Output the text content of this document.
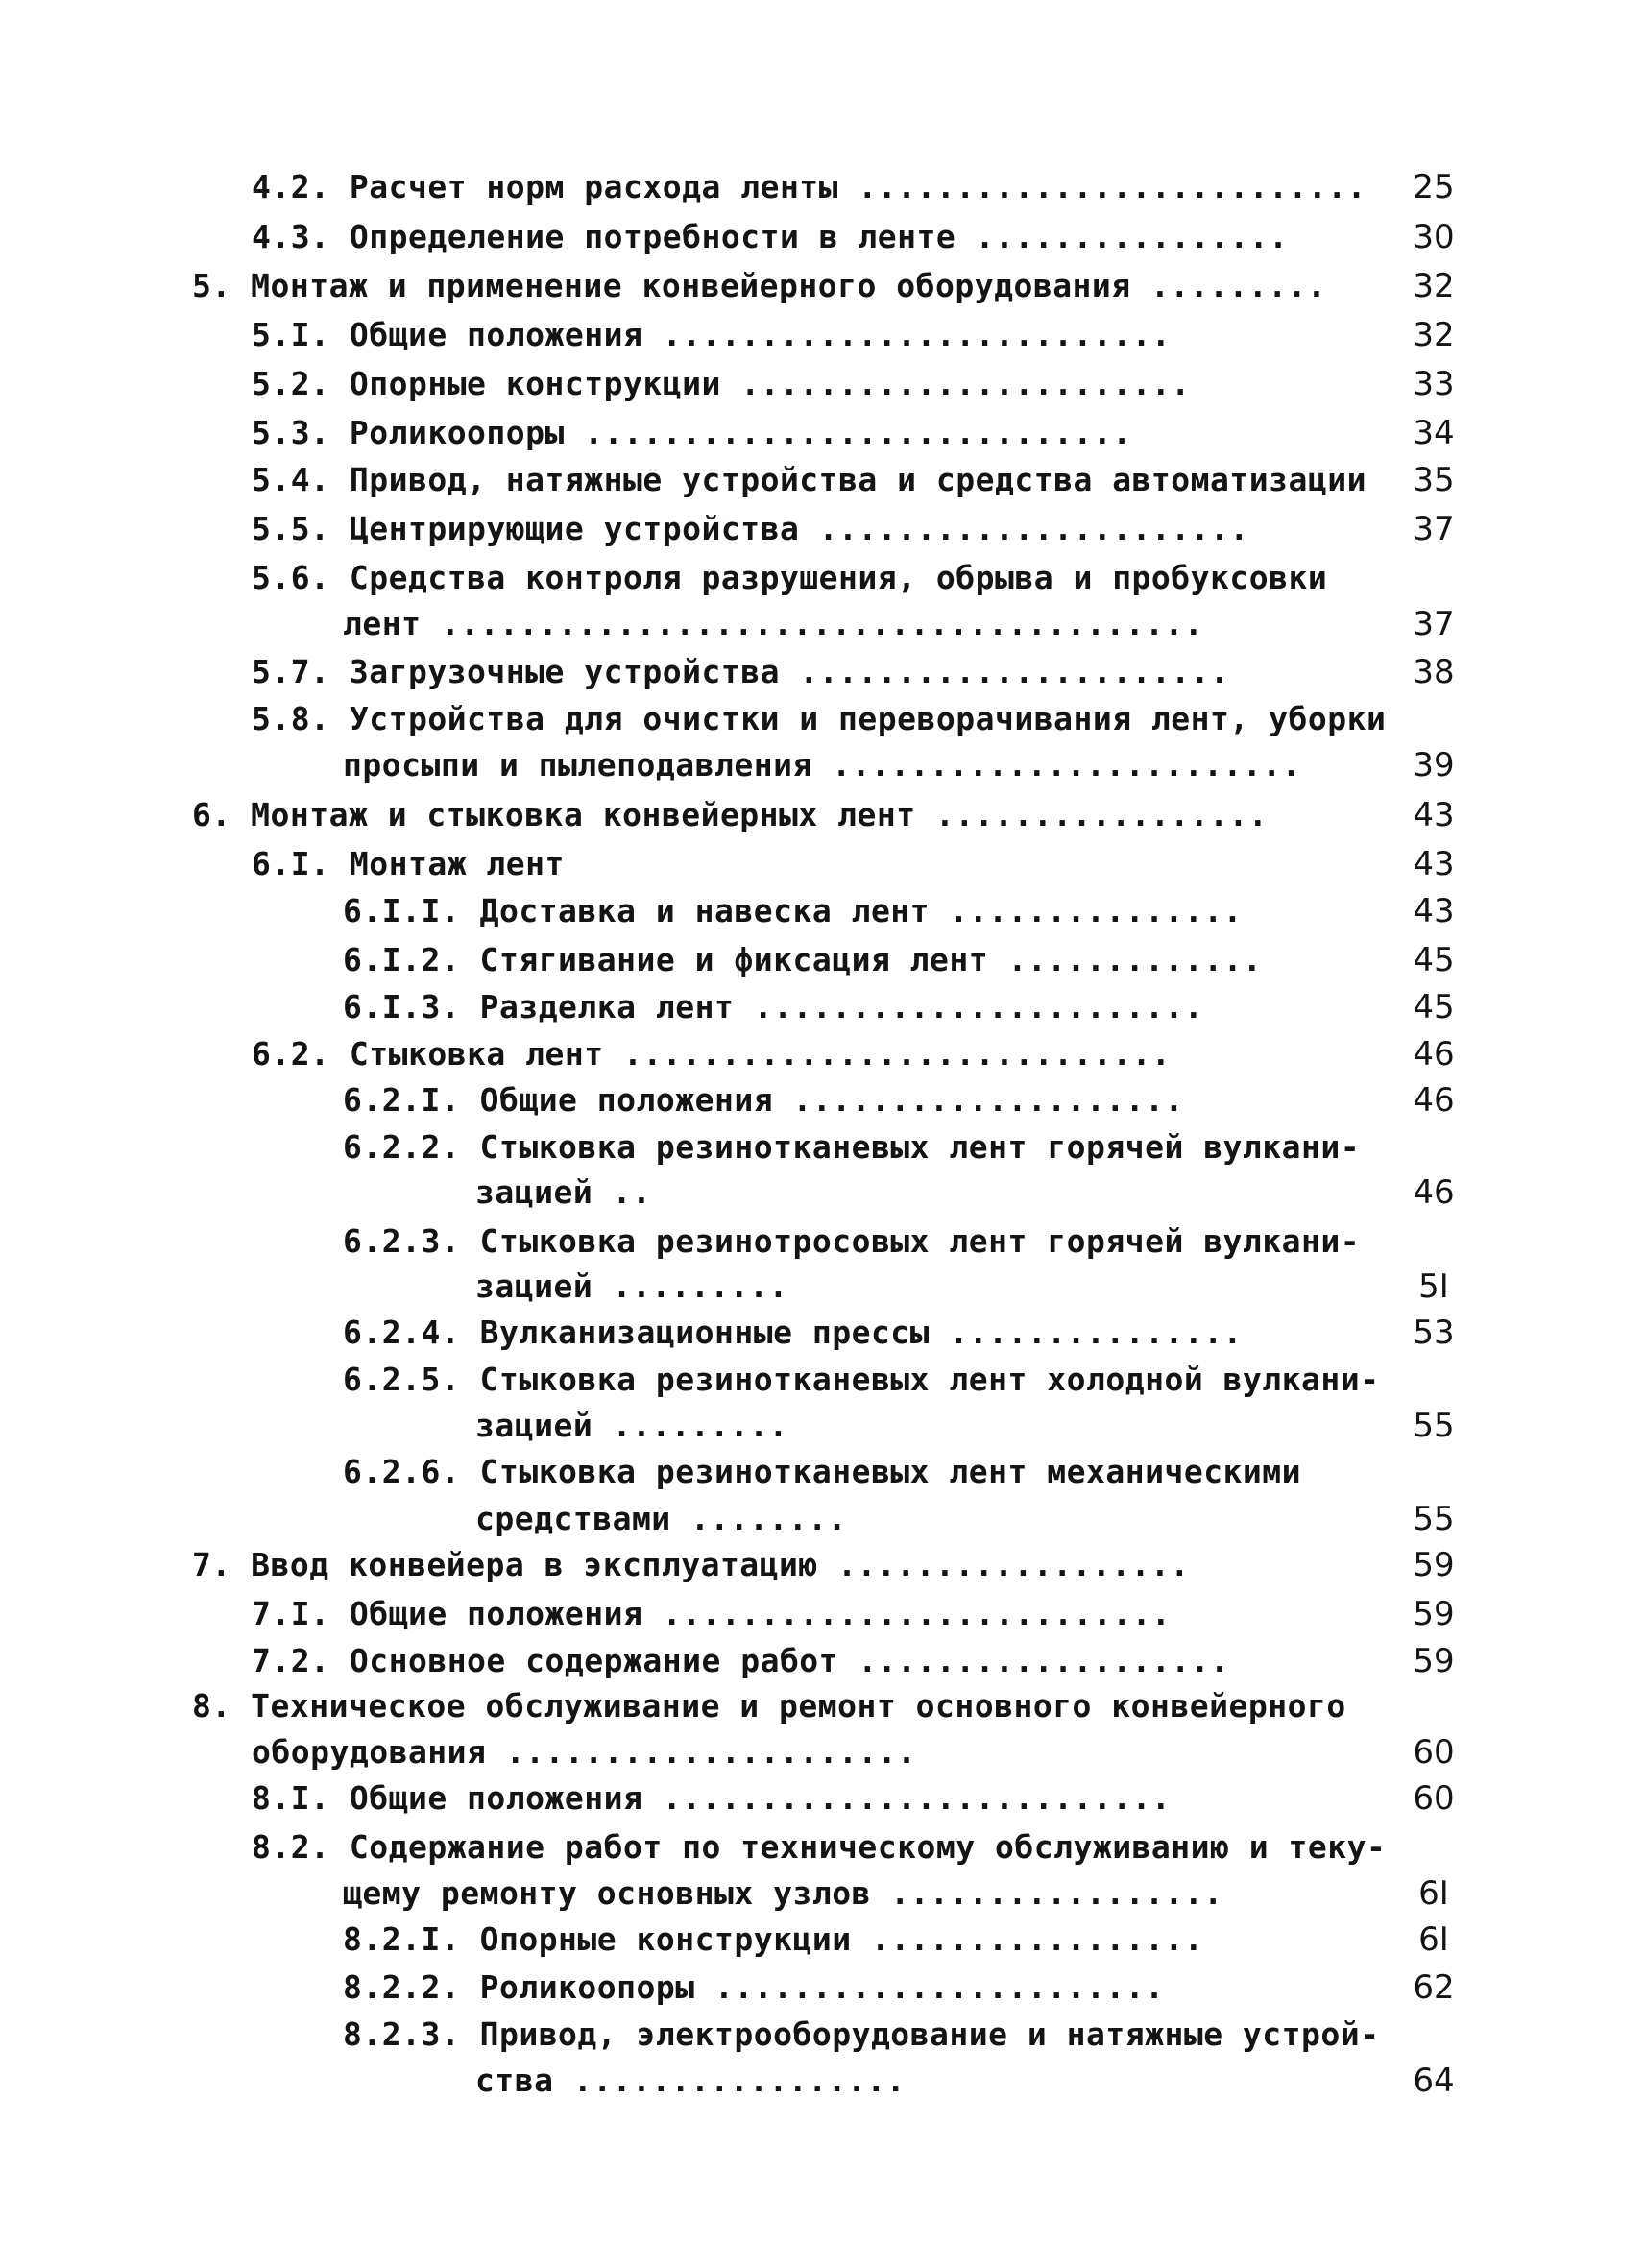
4.2. Расчет норм расхода ленты .......................... 25
4.3. Определение потребности в ленте ................	30
5. Монтаж и применение конвейерного оборудования .........	32
5.I. Общие положения ..........................	32
5.2. Опорные конструкции .......................	33
5.3. Роликоопоры ............................	34
5.4. Привод, натяжные устройства и средства автоматизации 35
5.5. Центрирующие устройства ......................	37
5.6. Средства контроля разрушения, обрыва и пробуксовки
лент .......................................	37
5.7. Загрузочные устройства ......................	38
5.8. Устройства для очистки и переворачивания лент, уборки
просыпи и пылеподавления ........................	39
6. Монтаж и стыковка конвейерных лент .................	43
6.I. Монтаж лент	43
6.I.I. Доставка и навеска лент ...............	43
6.I.2. Стягивание и фиксация лент .............	45
6.I.3. Разделка лент .......................	45
6.2. Стыковка лент ............................	46
6.2.I. Общие положения ....................	46
6.2.2. Стыковка резинотканевых лент горячей вулкани-
зацией ..	46
6.2.3. Стыковка резинотросовых лент горячей вулкани-
зацией .........	5I
6.2.4. Вулканизационные прессы ...............	53
6.2.5. Стыковка резинотканевых лент холодной вулкани-
зацией .........	55
6.2.6. Стыковка резинотканевых лент механическими
средствами ........	55
7. Ввод конвейера в эксплуатацию ..................	59
7.I. Общие положения ..........................	59
7.2. Основное содержание работ ...................	59
8. Техническое обслуживание и ремонт основного конвейерного
оборудования .....................	60
8.I. Общие положения ..........................	60
8.2. Содержание работ по техническому обслуживанию и теку-
щему ремонту основных узлов .................	6I
8.2.I. Опорные конструкции .................	6I
8.2.2. Роликоопоры .......................	62
8.2.3. Привод, электрооборудование и натяжные устрой-
ства .................	64
